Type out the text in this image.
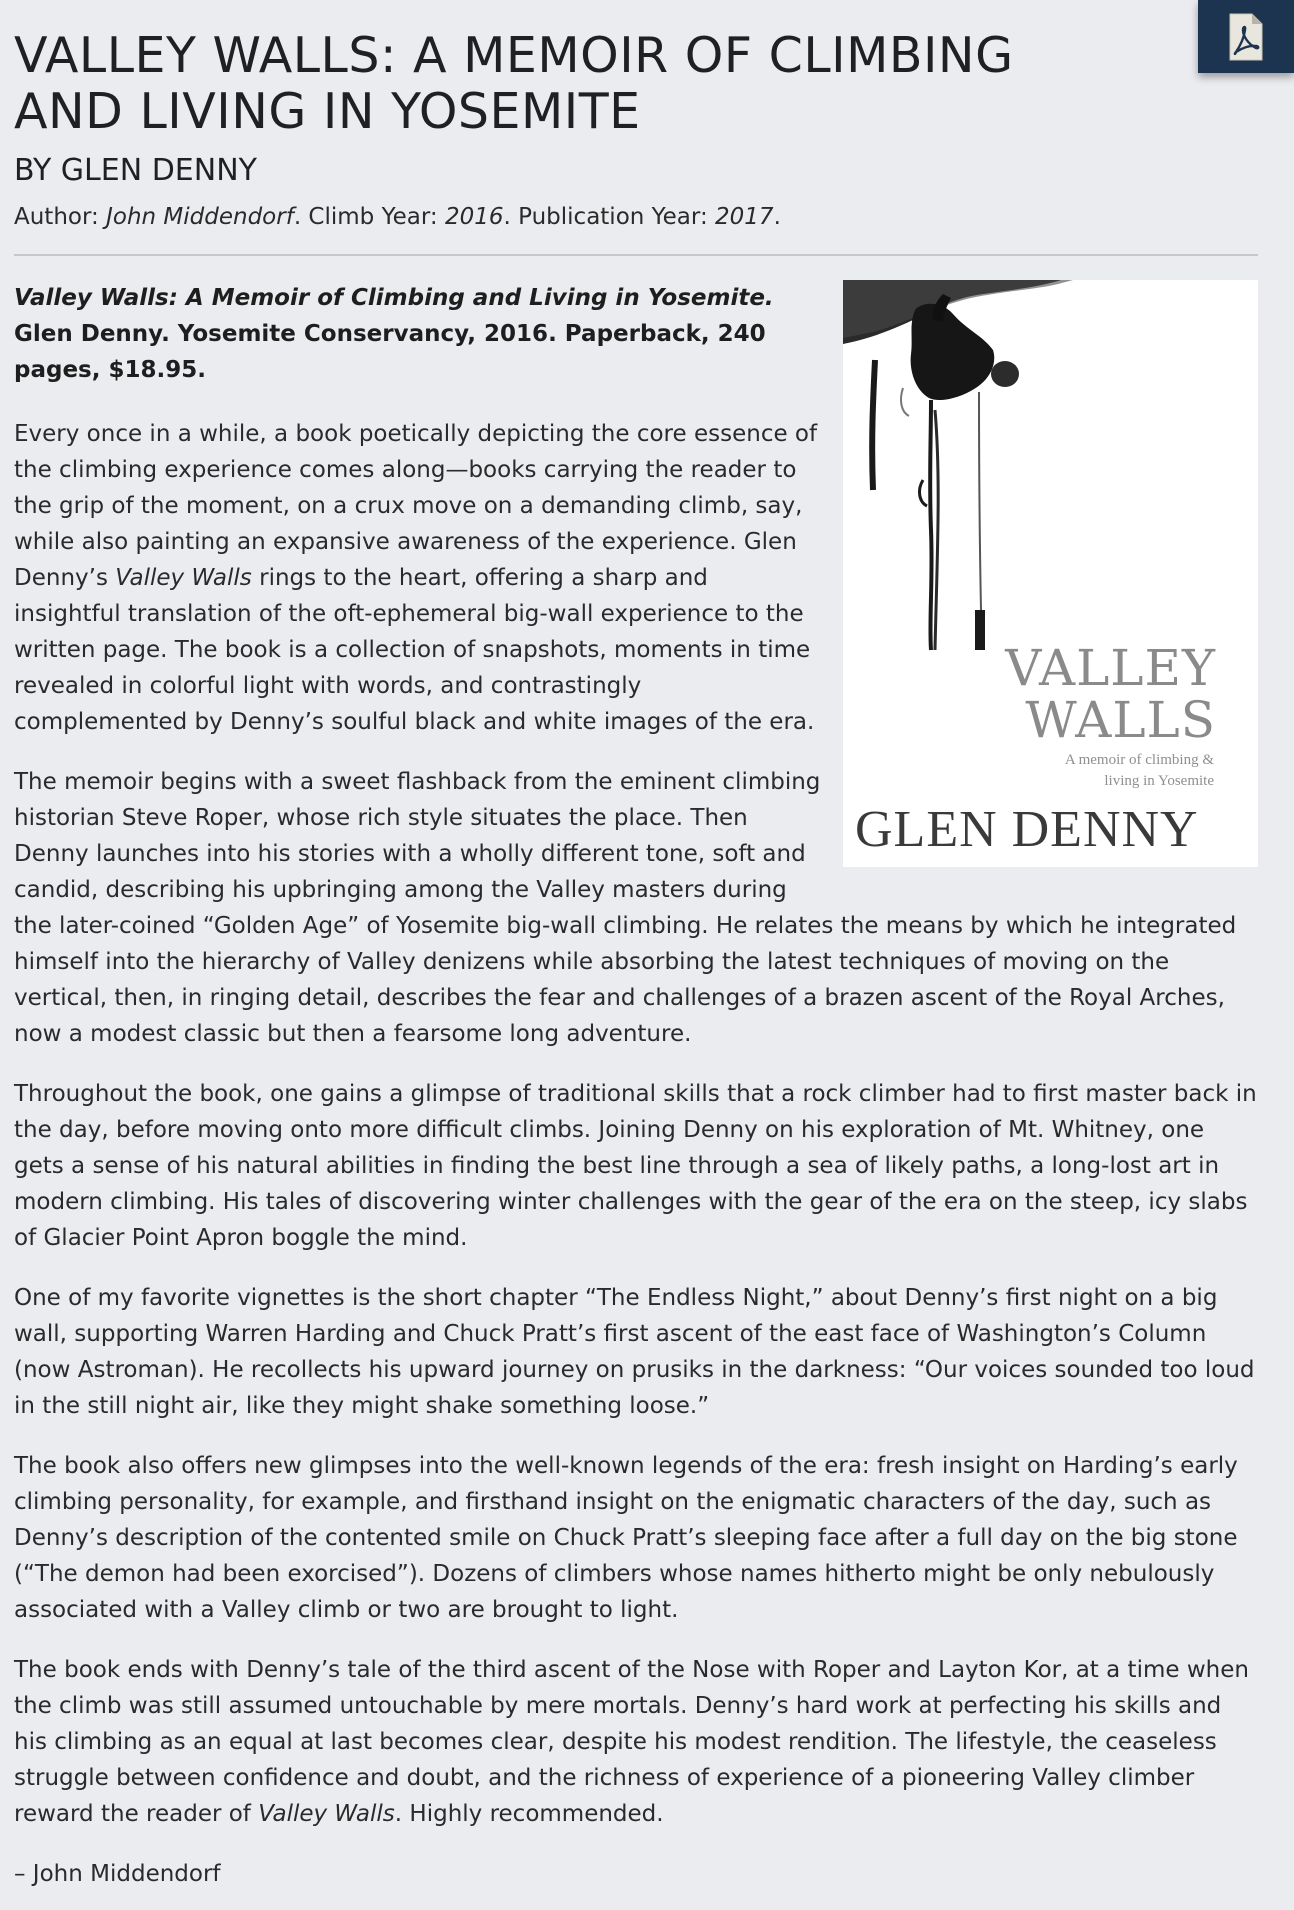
VALLEY WALLS: A MEMOIR OF CLIMBING AND LIVING IN YOSEMITE
BY GLEN DENNY
Author: John Middendorf. Climb Year: 2016. Publication Year: 2017.
VALLEY
WALLS
A memoir of climbing &
living in Yosemite
GLEN DENNY
Valley Walls: A Memoir of Climbing and Living in Yosemite. Glen Denny. Yosemite Conservancy, 2016. Paperback, 240 pages, $18.95.

Every once in a while, a book poetically depicting the core essence of the climbing experience comes along—books carrying the reader to the grip of the moment, on a crux move on a demanding climb, say, while also painting an expansive awareness of the experience. Glen Denny’s Valley Walls rings to the heart, offering a sharp and insightful translation of the oft-ephemeral big-wall experience to the written page. The book is a collection of snapshots, moments in time revealed in colorful light with words, and contrastingly complemented by Denny’s soulful black and white images of the era.

The memoir begins with a sweet flashback from the eminent climbing historian Steve Roper, whose rich style situates the place. Then Denny launches into his stories with a wholly different tone, soft and candid, describing his upbringing among the Valley masters during the later-coined “Golden Age” of Yosemite big-wall climbing. He relates the means by which he integrated himself into the hierarchy of Valley denizens while absorbing the latest techniques of moving on the vertical, then, in ringing detail, describes the fear and challenges of a brazen ascent of the Royal Arches, now a modest classic but then a fearsome long adventure.

Throughout the book, one gains a glimpse of traditional skills that a rock climber had to first master back in the day, before moving onto more difficult climbs. Joining Denny on his exploration of Mt. Whitney, one gets a sense of his natural abilities in finding the best line through a sea of likely paths, a long-lost art in modern climbing. His tales of discovering winter challenges with the gear of the era on the steep, icy slabs of Glacier Point Apron boggle the mind.

One of my favorite vignettes is the short chapter “The Endless Night,” about Denny’s first night on a big wall, supporting Warren Harding and Chuck Pratt’s first ascent of the east face of Washington’s Column (now Astroman). He recollects his upward journey on prusiks in the darkness: “Our voices sounded too loud in the still night air, like they might shake something loose.”

The book also offers new glimpses into the well-known legends of the era: fresh insight on Harding’s early climbing personality, for example, and firsthand insight on the enigmatic characters of the day, such as Denny’s description of the contented smile on Chuck Pratt’s sleeping face after a full day on the big stone (“The demon had been exorcised”). Dozens of climbers whose names hitherto might be only nebulously associated with a Valley climb or two are brought to light.

The book ends with Denny’s tale of the third ascent of the Nose with Roper and Layton Kor, at a time when the climb was still assumed untouchable by mere mortals. Denny’s hard work at perfecting his skills and his climbing as an equal at last becomes clear, despite his modest rendition. The lifestyle, the ceaseless struggle between confidence and doubt, and the richness of experience of a pioneering Valley climber reward the reader of Valley Walls. Highly recommended.

– John Middendorf
